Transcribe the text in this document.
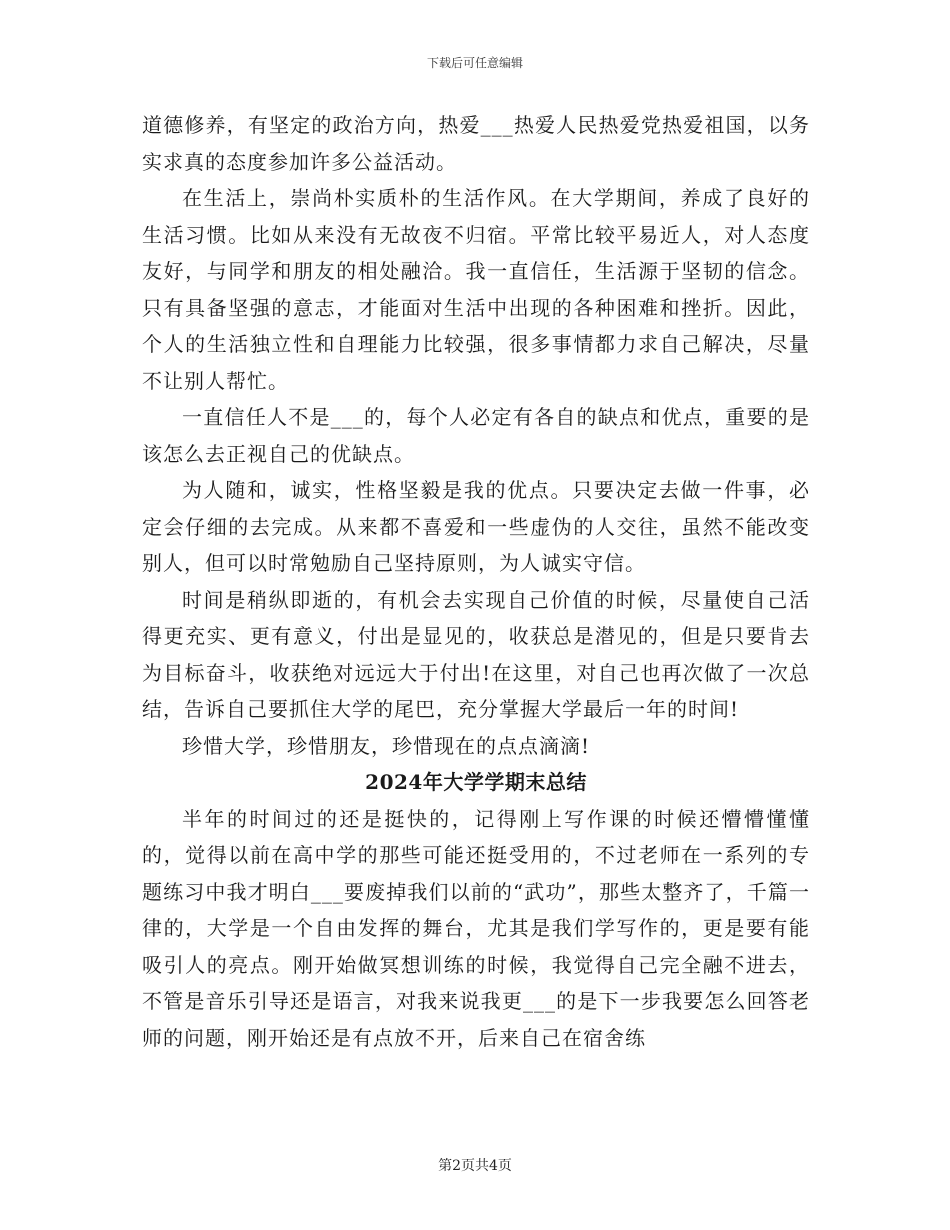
下载后可任意编辑

道德修养，有坚定的政治方向，热爱___热爱人民热爱党热爱祖国，以务实求真的态度参加许多公益活动。

在生活上，崇尚朴实质朴的生活作风。在大学期间，养成了良好的生活习惯。比如从来没有无故夜不归宿。平常比较平易近人，对人态度友好，与同学和朋友的相处融洽。我一直信任，生活源于坚韧的信念。只有具备坚强的意志，才能面对生活中出现的各种困难和挫折。因此，个人的生活独立性和自理能力比较强，很多事情都力求自己解决，尽量不让别人帮忙。

一直信任人不是___的，每个人必定有各自的缺点和优点，重要的是该怎么去正视自己的优缺点。

为人随和，诚实，性格坚毅是我的优点。只要决定去做一件事，必定会仔细的去完成。从来都不喜爱和一些虚伪的人交往，虽然不能改变别人，但可以时常勉励自己坚持原则，为人诚实守信。

时间是稍纵即逝的，有机会去实现自己价值的时候，尽量使自己活得更充实、更有意义，付出是显见的，收获总是潜见的，但是只要肯去为目标奋斗，收获绝对远远大于付出!在这里，对自己也再次做了一次总结，告诉自己要抓住大学的尾巴，充分掌握大学最后一年的时间!

珍惜大学，珍惜朋友，珍惜现在的点点滴滴!

2024年大学学期末总结

半年的时间过的还是挺快的，记得刚上写作课的时候还懵懵懂懂的，觉得以前在高中学的那些可能还挺受用的，不过老师在一系列的专题练习中我才明白___要废掉我们以前的“武功”，那些太整齐了，千篇一律的，大学是一个自由发挥的舞台，尤其是我们学写作的，更是要有能吸引人的亮点。刚开始做冥想训练的时候，我觉得自己完全融不进去，不管是音乐引导还是语言，对我来说我更___的是下一步我要怎么回答老师的问题，刚开始还是有点放不开，后来自己在宿舍练

第2页共4页
